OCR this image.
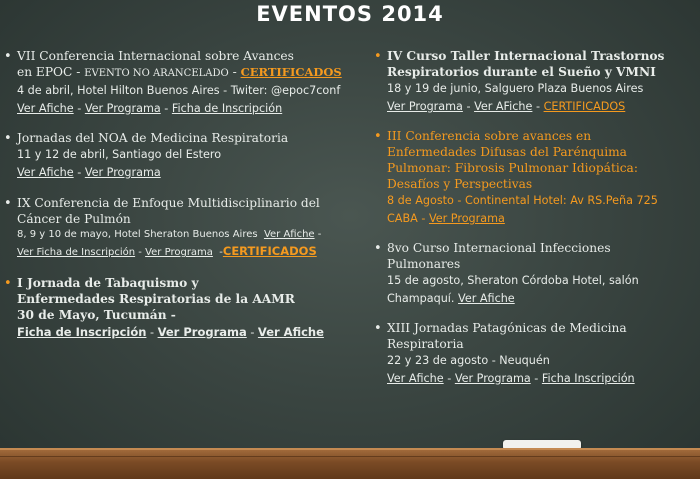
EVENTOS 2014
• VII Conferencia Internacional sobre Avances
en EPOC - EVENTO NO ARANCELADO - CERTIFICADOS
4 de abril, Hotel Hilton Buenos Aires - Twiter: @epoc7conf
Ver Afiche - Ver Programa - Ficha de Inscripción
• Jornadas del NOA de Medicina Respiratoria
11 y 12 de abril, Santiago del Estero
Ver Afiche - Ver Programa
• IX Conferencia de Enfoque Multidisciplinario del
Cáncer de Pulmón
8, 9 y 10 de mayo, Hotel Sheraton Buenos Aires Ver Afiche -
Ver Ficha de Inscripción - Ver Programa -CERTIFICADOS
• I Jornada de Tabaquismo y
Enfermedades Respiratorias de la AAMR
30 de Mayo, Tucumán -
Ficha de Inscripción - Ver Programa - Ver Afiche
• IV Curso Taller Internacional Trastornos
Respiratorios durante el Sueño y VMNI
18 y 19 de junio, Salguero Plaza Buenos Aires
Ver Programa - Ver AFiche - CERTIFICADOS
• III Conferencia sobre avances en
Enfermedades Difusas del Parénquima
Pulmonar: Fibrosis Pulmonar Idiopática:
Desafíos y Perspectivas
8 de Agosto - Continental Hotel: Av RS.Peña 725
CABA - Ver Programa
• 8vo Curso Internacional Infecciones
Pulmonares
15 de agosto, Sheraton Córdoba Hotel, salón
Champaquí. Ver Afiche
• XIII Jornadas Patagónicas de Medicina
Respiratoria
22 y 23 de agosto - Neuquén
Ver Afiche - Ver Programa - Ficha Inscripción
